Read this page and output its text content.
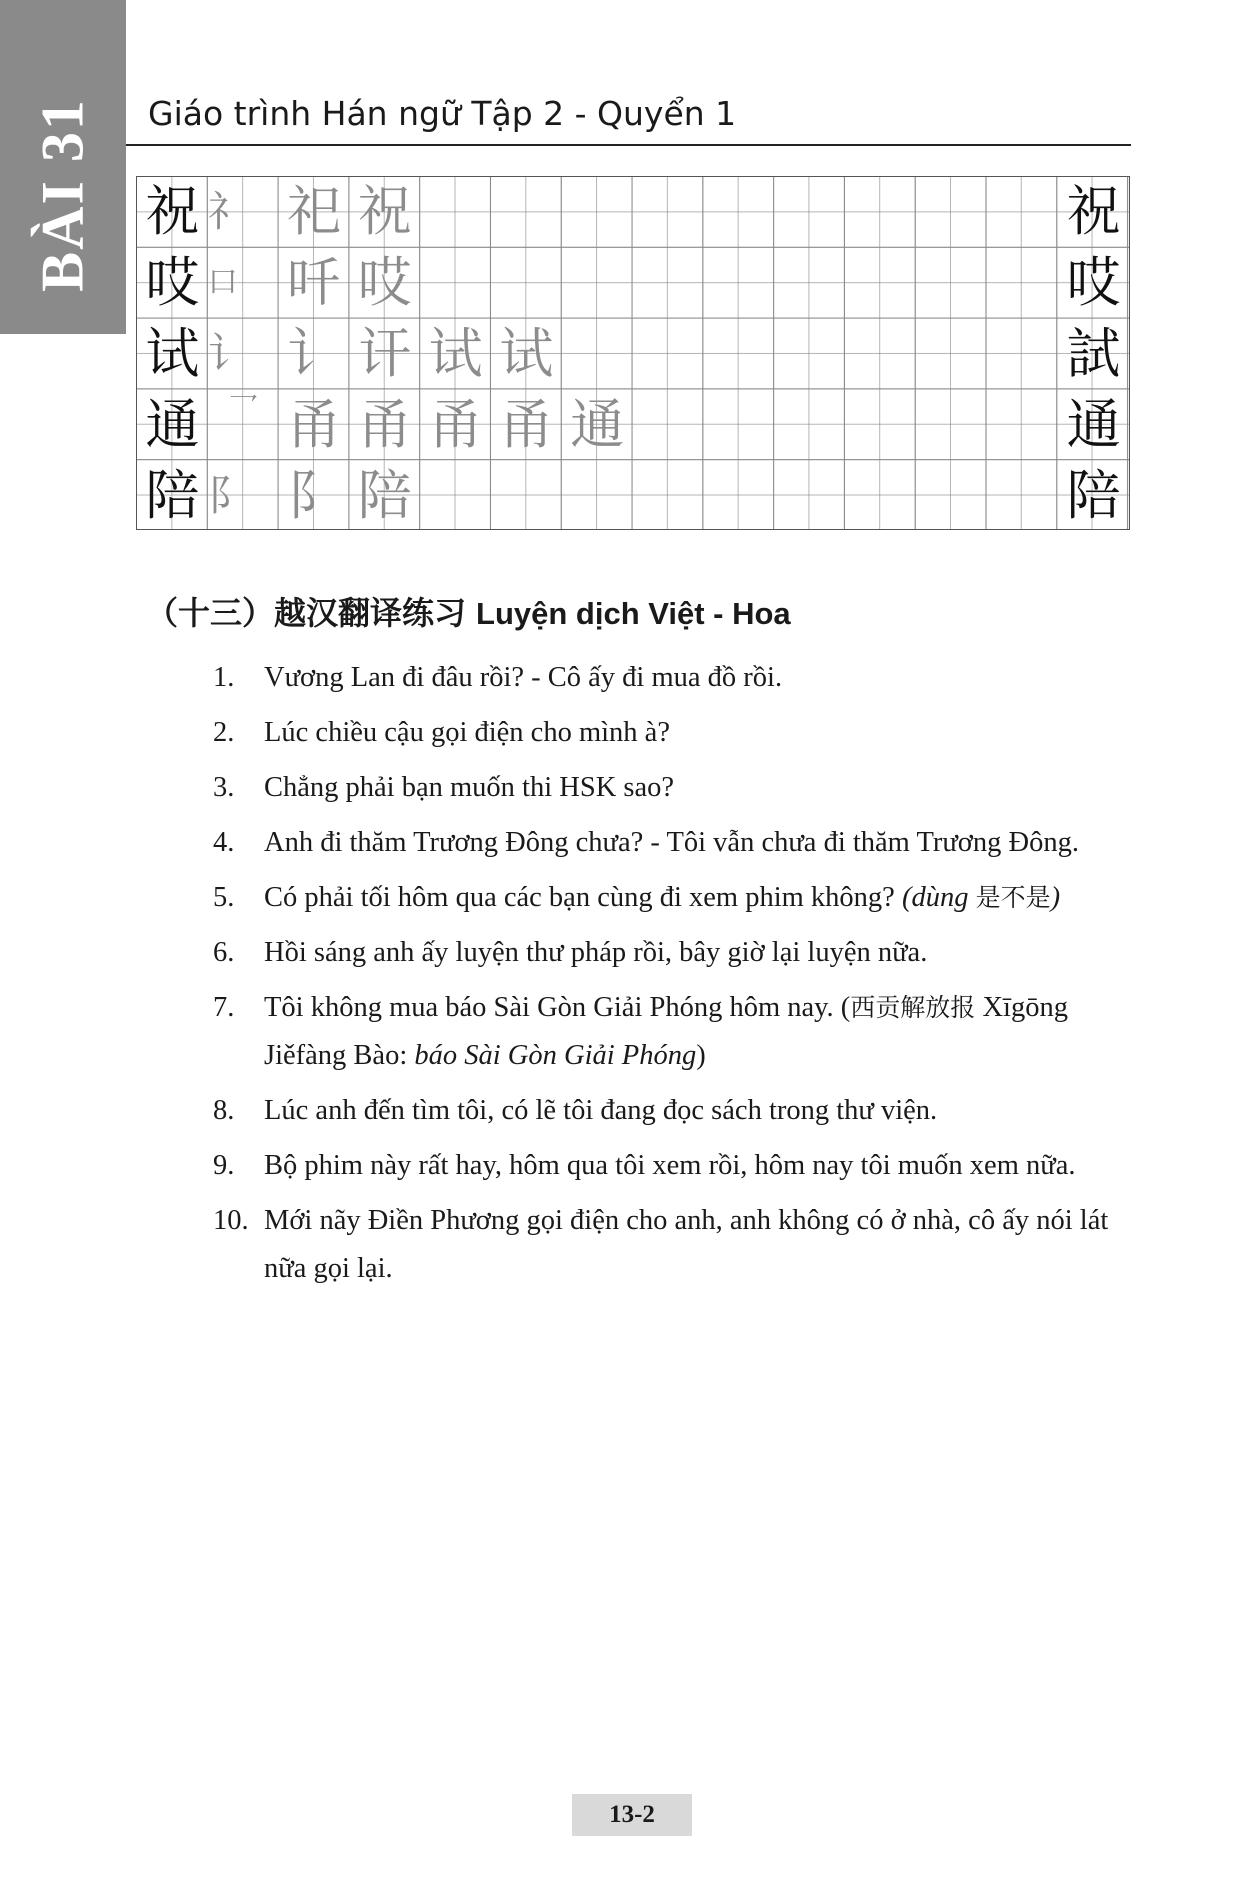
BÀI 31 Giáo trình Hán ngữ Tập 2 - Quyển 1
祝 礻 祀 祝	祝
哎 口 吀 哎	哎
试 讠 讠 讦 试 试	試
通 乛 甬 甬 甬 甬 通	通
陪 阝 阝 陪	陪
（十三）越汉翻译练习 Luyện dịch Việt - Hoa
1.	Vương Lan đi đâu rồi? - Cô ấy đi mua đồ rồi.
2.	Lúc chiều cậu gọi điện cho mình à?
3.	Chẳng phải bạn muốn thi HSK sao?
4.	Anh đi thăm Trương Đông chưa? - Tôi vẫn chưa đi thăm Trương Đông.
5.	Có phải tối hôm qua các bạn cùng đi xem phim không? (dùng 是不是)
6.	Hồi sáng anh ấy luyện thư pháp rồi, bây giờ lại luyện nữa.
7.	Tôi không mua báo Sài Gòn Giải Phóng hôm nay. (西贡解放报 Xīgōng Jiěfàng Bào: báo Sài Gòn Giải Phóng)
8.	Lúc anh đến tìm tôi, có lẽ tôi đang đọc sách trong thư viện.
9.	Bộ phim này rất hay, hôm qua tôi xem rồi, hôm nay tôi muốn xem nữa.
10. Mới nãy Điền Phương gọi điện cho anh, anh không có ở nhà, cô ấy nói lát nữa gọi lại.
13-2
